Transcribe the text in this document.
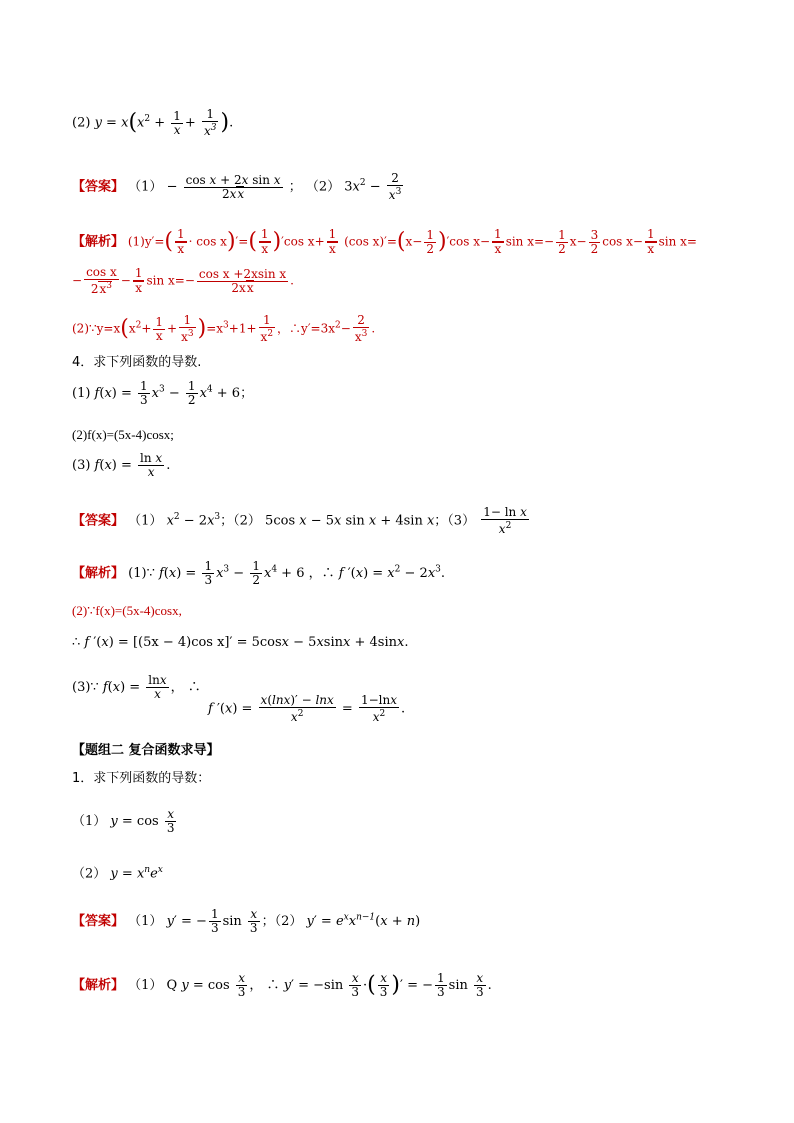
(2) $y = x(x^2 + \frac{1}{x} + \frac{1}{x^3}$ ).
【答案】 $(1) - \frac{\text{cos x + 2x sin x}}{2xx}$ ； （2） $3x^2 - \frac{2}{x^3}$
【解析】 $(1)y'=( \frac{1}{x} \cdot \cos x)'=( \frac{1}{x} )'\cos$ $x+ \frac{1}{x} (\cos$ $x)'=(x- \frac{1}{2} )'\cos$ $x- \frac{1}{x}$ $\sin x=- \frac{1}{2} x- \frac{3}{2}$ $\cos x- \frac{1}{x}$ sin x=
− $\frac{\text{cos x}}{2x^3} - \frac{1}{x}$ $\sin x=- \frac{\text{cos x +2xsin x}}{2xx}$ .
$(2)\because y=x(x^2+ \frac{1}{x} + \frac{1}{x^3} )=x^3+1+ \frac{1}{x^2}$ ，$\therefore y'=3x^2- \frac{2}{x^3}$ .
4．求下列函数的导数.
(1) $f(x) = \frac{1}{3} x^3 - \frac{1}{2} x^4 + 6$；
(2)f(x)=(5x-4)cosx;
(3) $f(x) = \frac{\text{ln x}}{x}$ .
【答案】 （1） $x^2 - 2x^3$；（2） 5cos x − 5x sin x + 4sin x；$(3) \frac{\text{1− ln x}}{x^2}$
【解析】 (1)∵ $f(x) = \frac{1}{3} x^3 - \frac{1}{2} x^4 + 6$ ，∴ f $'(x) = x^2 - 2x^3$.
(2)∵f(x)=(5x-4)cosx,
∴ f ′(x) = [(5x − 4)cos x]′ = 5cosx − 5xsinx + 4sinx.
(3)∵ $f(x) = \frac{\ln x}{x}$ ， ∴
f $'(x) = \frac{x(\ln x)' - \ln x}{x^2} = \frac{1-\ln x}{x^2}$ .
【题组二 复合函数求导】
1．求下列函数的导数：
（1） $y = \cos \frac{x}{3}$
（2） $y = x^ne^x$
【答案】 （1） y′ = − $\frac{1}{3}$ $\sin \frac{x}{3}$ ；（2） $y' = e^xx^{n-1}(x + n)$
【解析】 （1） Q $y = \cos \frac{x}{3}$ ， ∴ $y' = -\sin \frac{x}{3}$ ·( $\frac{x}{3}$ )′ = − $\frac{1}{3}$ $\sin \frac{x}{3}$ .
